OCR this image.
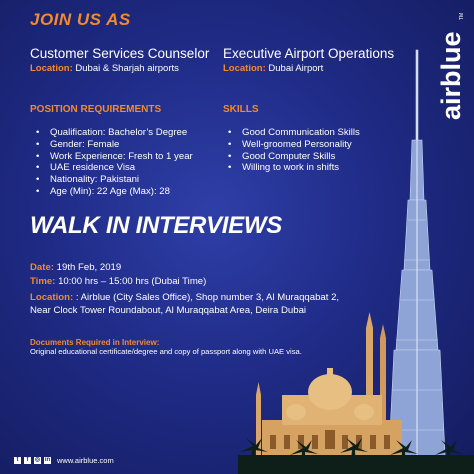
airblue
TM
JOIN US AS
Customer Services Counselor
Location: Dubai & Sharjah airports
Executive Airport Operations
Location: Dubai Airport
POSITION REQUIREMENTS
• Qualification: Bachelor’s Degree
• Gender: Female
• Work Experience: Fresh to 1 year
• UAE residence Visa
• Nationality: Pakistani
• Age (Min): 22 Age (Max): 28
SKILLS
• Good Communication Skills
• Well-groomed Personality
• Good Computer Skills
• Willing to work in shifts
WALK IN INTERVIEWS
Date: 19th Feb, 2019
Time: 10:00 hrs – 15:00 hrs (Dubai Time)
Location: : Airblue (City Sales Office), Shop number 3, Al Muraqqabat 2,
Near Clock Tower Roundabout, Al Muraqqabat Area, Deira Dubai
Documents Required in Interview:
Original educational certificate/degree and copy of passport along with UAE visa.
t	f	◎ in www.airblue.com
